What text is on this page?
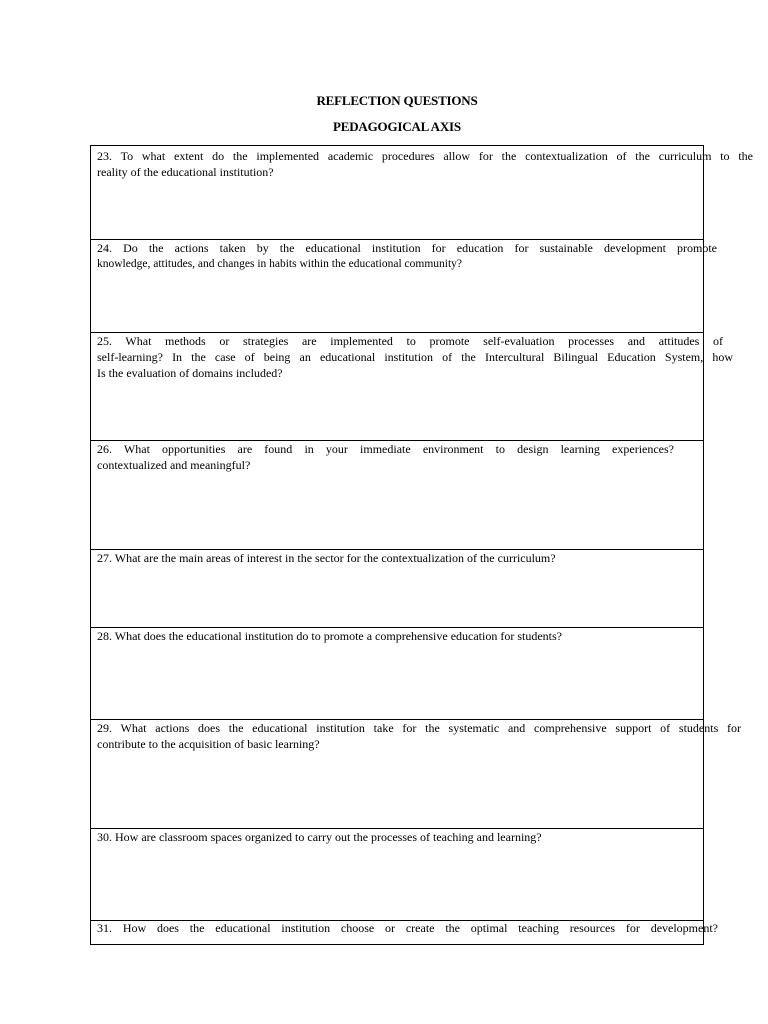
REFLECTION QUESTIONS
PEDAGOGICAL AXIS
23. To what extent do the implemented academic procedures allow for the contextualization of the curriculum to the
reality of the educational institution?
24. Do the actions taken by the educational institution for education for sustainable development promote
knowledge, attitudes, and changes in habits within the educational community?
25. What methods or strategies are implemented to promote self-evaluation processes and attitudes of
self-learning? In the case of being an educational institution of the Intercultural Bilingual Education System, how
Is the evaluation of domains included?
26. What opportunities are found in your immediate environment to design learning experiences?
contextualized and meaningful?
27. What are the main areas of interest in the sector for the contextualization of the curriculum?
28. What does the educational institution do to promote a comprehensive education for students?
29. What actions does the educational institution take for the systematic and comprehensive support of students for
contribute to the acquisition of basic learning?
30. How are classroom spaces organized to carry out the processes of teaching and learning?
31. How does the educational institution choose or create the optimal teaching resources for development?
